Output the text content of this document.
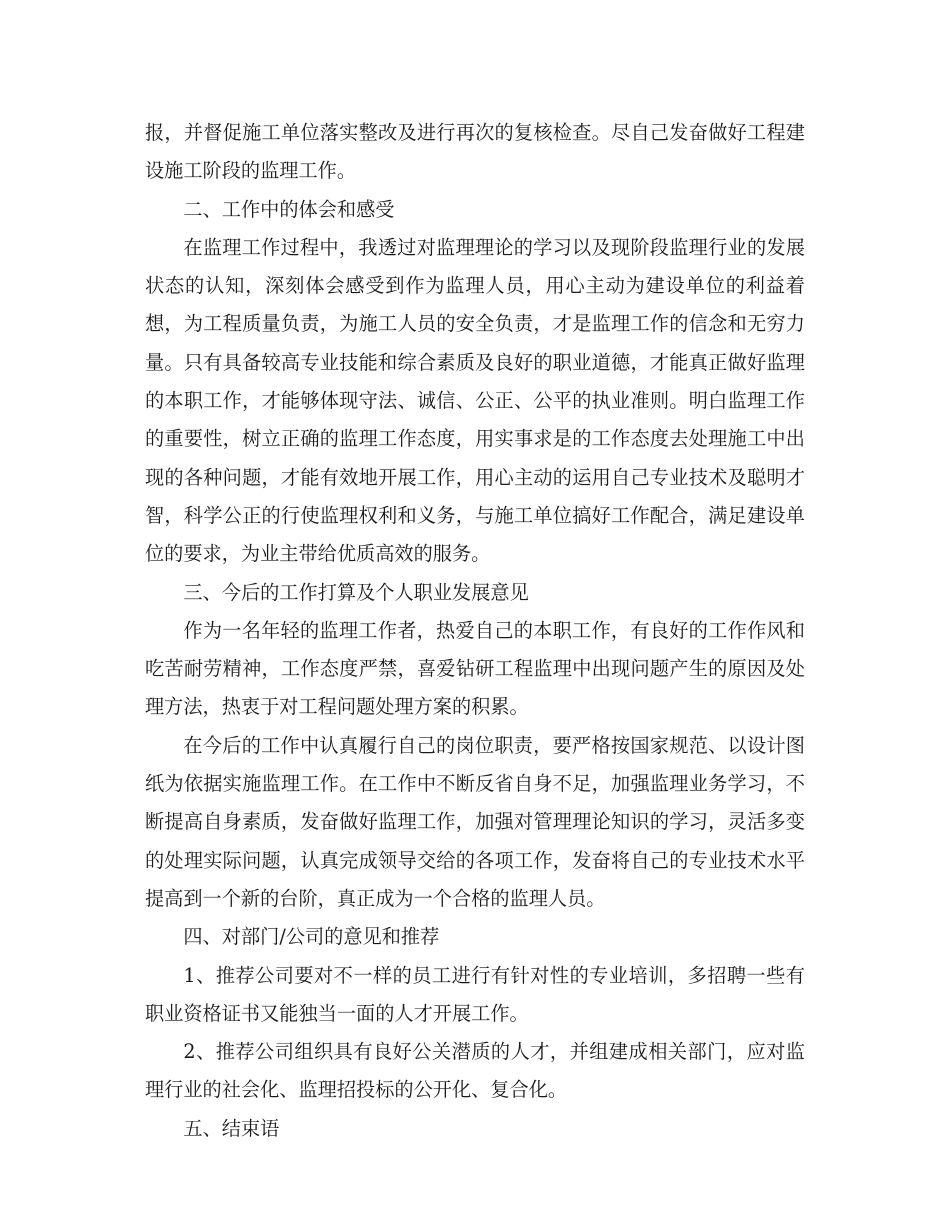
报，并督促施工单位落实整改及进行再次的复核检查。尽自己发奋做好工程建设施工阶段的监理工作。

二、工作中的体会和感受

在监理工作过程中，我透过对监理理论的学习以及现阶段监理行业的发展状态的认知，深刻体会感受到作为监理人员，用心主动为建设单位的利益着想，为工程质量负责，为施工人员的安全负责，才是监理工作的信念和无穷力量。只有具备较高专业技能和综合素质及良好的职业道德，才能真正做好监理的本职工作，才能够体现守法、诚信、公正、公平的执业准则。明白监理工作的重要性，树立正确的监理工作态度，用实事求是的工作态度去处理施工中出现的各种问题，才能有效地开展工作，用心主动的运用自己专业技术及聪明才智，科学公正的行使监理权利和义务，与施工单位搞好工作配合，满足建设单位的要求，为业主带给优质高效的服务。

三、今后的工作打算及个人职业发展意见

作为一名年轻的监理工作者，热爱自己的本职工作，有良好的工作作风和吃苦耐劳精神，工作态度严禁，喜爱钻研工程监理中出现问题产生的原因及处理方法，热衷于对工程问题处理方案的积累。

在今后的工作中认真履行自己的岗位职责，要严格按国家规范、以设计图纸为依据实施监理工作。在工作中不断反省自身不足，加强监理业务学习，不断提高自身素质，发奋做好监理工作，加强对管理理论知识的学习，灵活多变的处理实际问题，认真完成领导交给的各项工作，发奋将自己的专业技术水平提高到一个新的台阶，真正成为一个合格的监理人员。

四、对部门/公司的意见和推荐

1、推荐公司要对不一样的员工进行有针对性的专业培训，多招聘一些有职业资格证书又能独当一面的人才开展工作。

2、推荐公司组织具有良好公关潜质的人才，并组建成相关部门，应对监理行业的社会化、监理招投标的公开化、复合化。

五、结束语
